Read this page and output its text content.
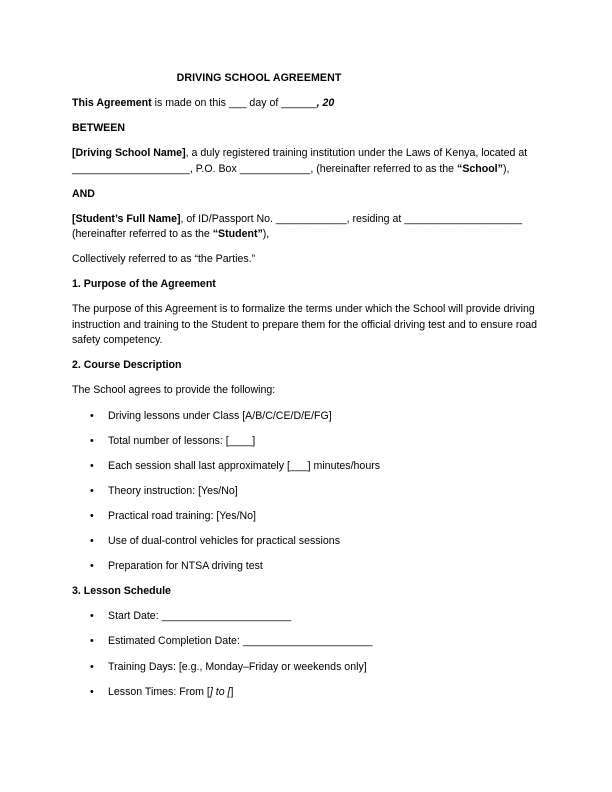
DRIVING SCHOOL AGREEMENT

This Agreement is made on this ___ day of ______, 20

BETWEEN

[Driving School Name], a duly registered training institution under the Laws of Kenya, located at
____________________, P.O. Box ____________, (hereinafter referred to as the “School”),

AND

[Student’s Full Name], of ID/Passport No. ____________, residing at ____________________
(hereinafter referred to as the “Student”),

Collectively referred to as “the Parties.”

1. Purpose of the Agreement

The purpose of this Agreement is to formalize the terms under which the School will provide driving instruction and training to the Student to prepare them for the official driving test and to ensure road safety competency.

2. Course Description

The School agrees to provide the following:

• Driving lessons under Class [A/B/C/CE/D/E/FG]
• Total number of lessons: [____]
• Each session shall last approximately [___] minutes/hours
• Theory instruction: [Yes/No]
• Practical road training: [Yes/No]
• Use of dual-control vehicles for practical sessions
• Preparation for NTSA driving test

3. Lesson Schedule

• Start Date: ______________________
• Estimated Completion Date: ______________________
• Training Days: [e.g., Monday–Friday or weekends only]
• Lesson Times: From [] to []
